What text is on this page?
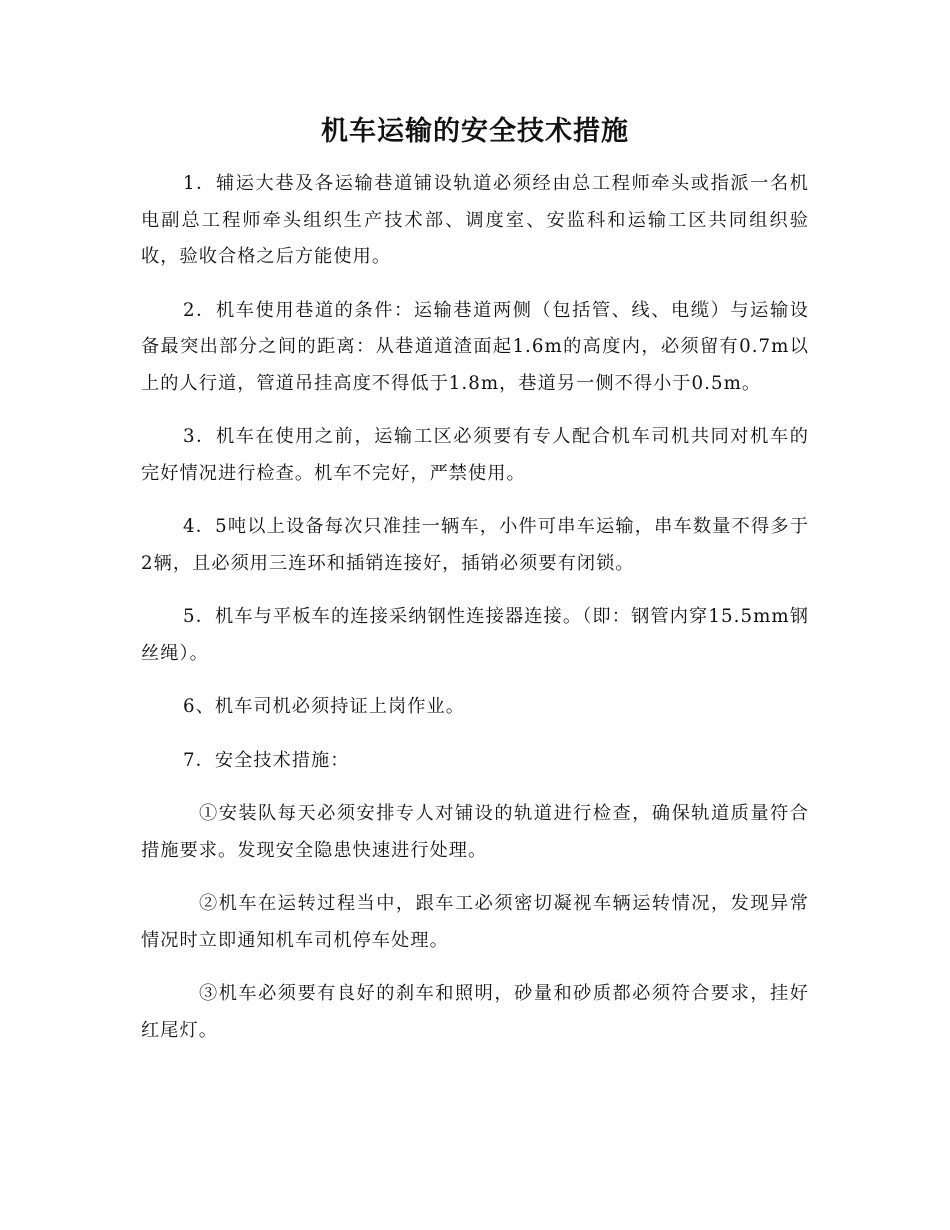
机车运输的安全技术措施

1．辅运大巷及各运输巷道铺设轨道必须经由总工程师牵头或指派一名机电副总工程师牵头组织生产技术部、调度室、安监科和运输工区共同组织验收，验收合格之后方能使用。

2．机车使用巷道的条件：运输巷道两侧（包括管、线、电缆）与运输设备最突出部分之间的距离：从巷道道渣面起1.6m的高度内，必须留有0.7m以上的人行道，管道吊挂高度不得低于1.8m，巷道另一侧不得小于0.5m。

3．机车在使用之前，运输工区必须要有专人配合机车司机共同对机车的完好情况进行检查。机车不完好，严禁使用。

4．5吨以上设备每次只准挂一辆车，小件可串车运输，串车数量不得多于2辆，且必须用三连环和插销连接好，插销必须要有闭锁。

5．机车与平板车的连接采纳钢性连接器连接。（即：钢管内穿15.5mm钢丝绳）。

6、机车司机必须持证上岗作业。

7．安全技术措施：

①安装队每天必须安排专人对铺设的轨道进行检查，确保轨道质量符合措施要求。发现安全隐患快速进行处理。

②机车在运转过程当中，跟车工必须密切凝视车辆运转情况，发现异常情况时立即通知机车司机停车处理。

③机车必须要有良好的刹车和照明，砂量和砂质都必须符合要求，挂好红尾灯。
